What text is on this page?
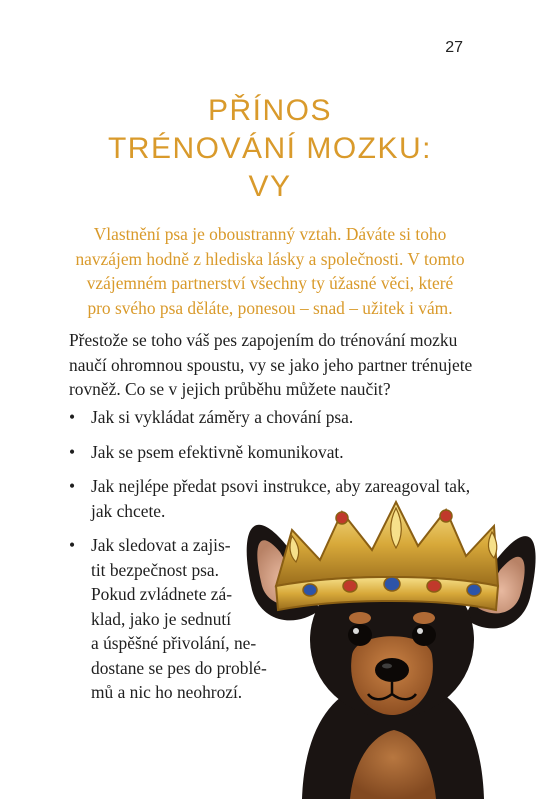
27
PŘÍNOS
TRÉNOVÁNÍ MOZKU:
VY
Vlastnění psa je oboustranný vztah. Dáváte si toho
navzájem hodně z hlediska lásky a společnosti. V tomto
vzájemném partnerství všechny ty úžasné věci, které
pro svého psa děláte, ponesou – snad – užitek i vám.
Přestože se toho váš pes zapojením do trénování mozku
naučí ohromnou spoustu, vy se jako jeho partner trénujete
rovněž. Co se v jejich průběhu můžete naučit?
• Jak si vykládat záměry a chování psa.
• Jak se psem efektivně komunikovat.
• Jak nejlépe předat psovi instrukce, aby zareagoval tak,
jak chcete.
• Jak sledovat a zajis-
tit bezpečnost psa.
Pokud zvládnete zá-
klad, jako je sednutí
a úspěšné přivolání, ne-
dostane se pes do problé-
mů a nic ho neohrozí.
